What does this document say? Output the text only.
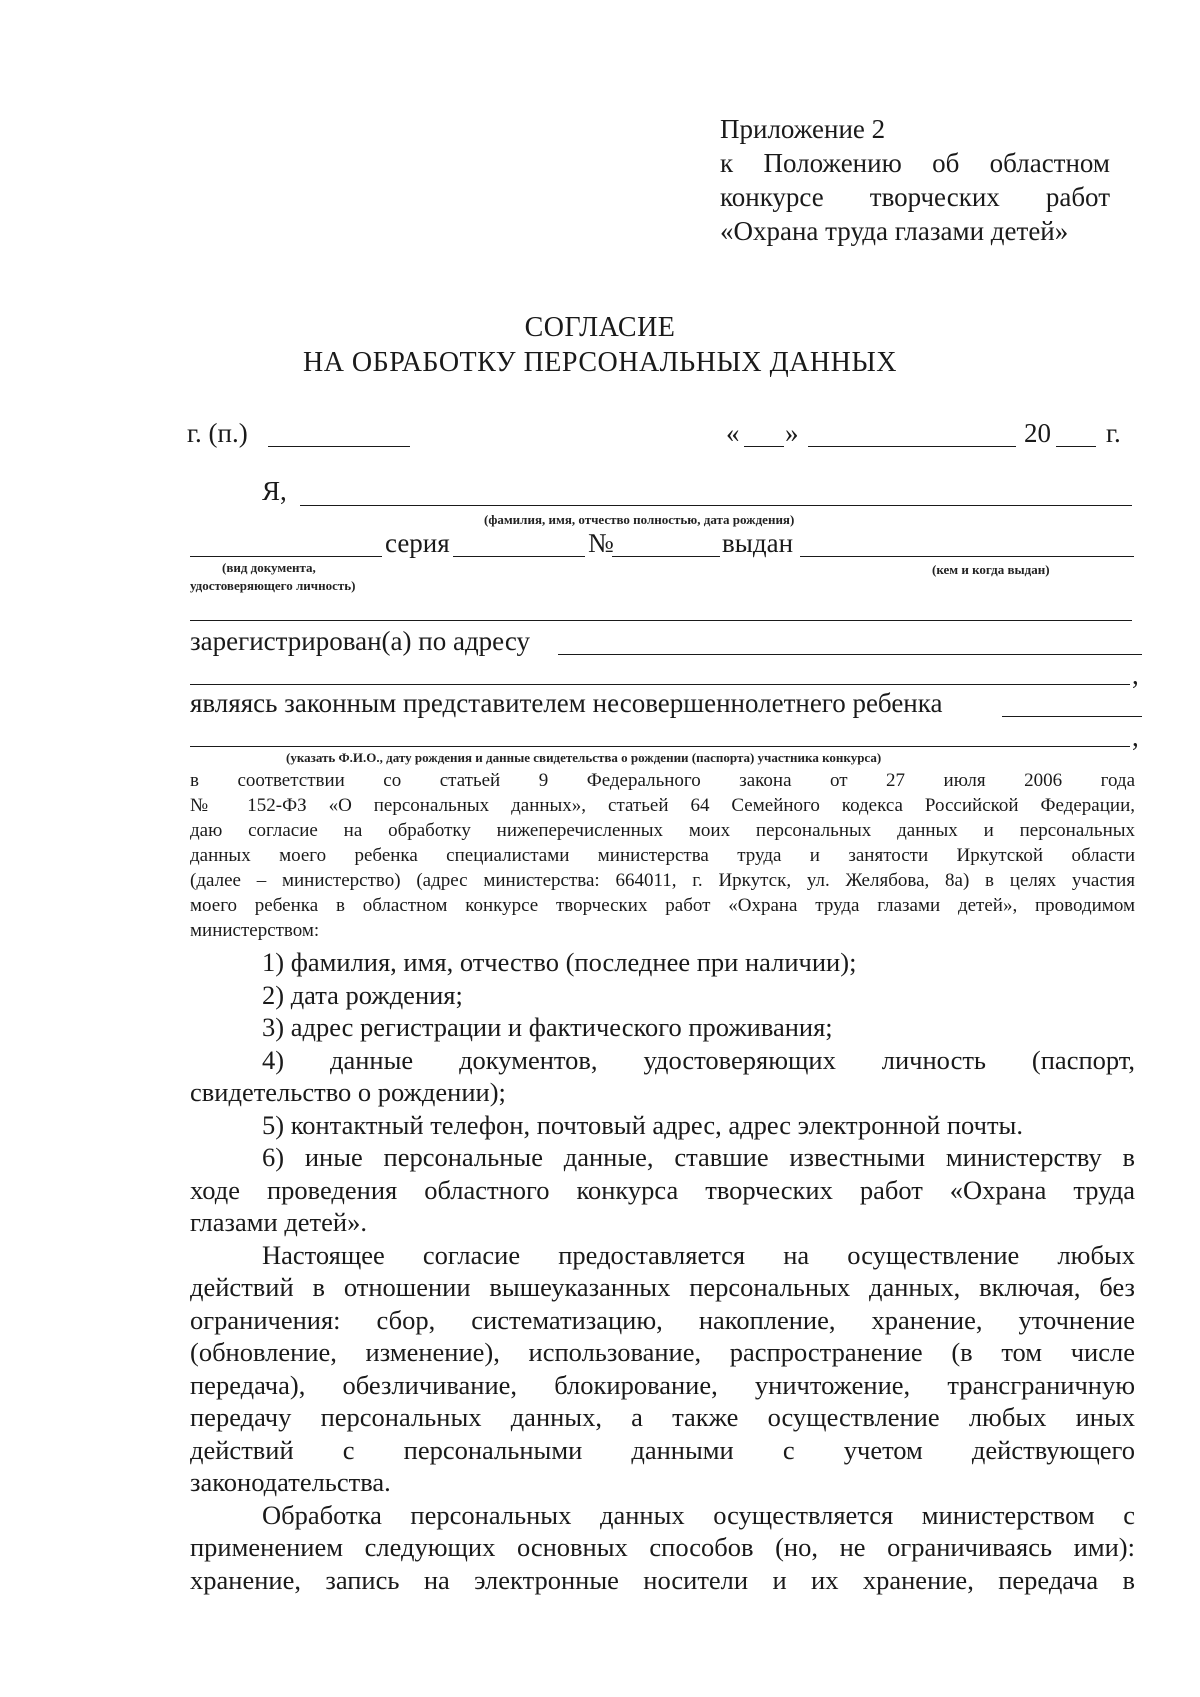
Приложение 2
к Положению об областном
конкурсе творческих работ
«Охрана труда глазами детей»
СОГЛАСИЕ
НА ОБРАБОТКУ ПЕРСОНАЛЬНЫХ ДАННЫХ
г. (п.)	« »	20 г.
Я,
(фамилия, имя, отчество полностью, дата рождения)
серия	№	выдан
(вид документа,
удостоверяющего личность)
(кем и когда выдан)
зарегистрирован(а) по адресу
,
являясь законным представителем несовершеннолетнего ребенка
,
(указать Ф.И.О., дату рождения и данные свидетельства о рождении (паспорта) участника конкурса)
в соответствии со статьей 9 Федерального закона от 27 июля 2006 года
№ 152-ФЗ «О персональных данных», статьей 64 Семейного кодекса Российской Федерации,
даю согласие на обработку нижеперечисленных моих персональных данных и персональных
данных моего ребенка специалистами министерства труда и занятости Иркутской области
(далее – министерство) (адрес министерства: 664011, г. Иркутск, ул. Желябова, 8а) в целях участия
моего ребенка в областном конкурсе творческих работ «Охрана труда глазами детей», проводимом
министерством:
1) фамилия, имя, отчество (последнее при наличии);
2) дата рождения;
3) адрес регистрации и фактического проживания;
4) данные документов, удостоверяющих личность (паспорт,
свидетельство о рождении);
5) контактный телефон, почтовый адрес, адрес электронной почты.
6) иные персональные данные, ставшие известными министерству в
ходе проведения областного конкурса творческих работ «Охрана труда
глазами детей».
Настоящее согласие предоставляется на осуществление любых
действий в отношении вышеуказанных персональных данных, включая, без
ограничения: сбор, систематизацию, накопление, хранение, уточнение
(обновление, изменение), использование, распространение (в том числе
передача), обезличивание, блокирование, уничтожение, трансграничную
передачу персональных данных, а также осуществление любых иных
действий с персональными данными с учетом действующего
законодательства.
Обработка персональных данных осуществляется министерством с
применением следующих основных способов (но, не ограничиваясь ими):
хранение, запись на электронные носители и их хранение, передача в
